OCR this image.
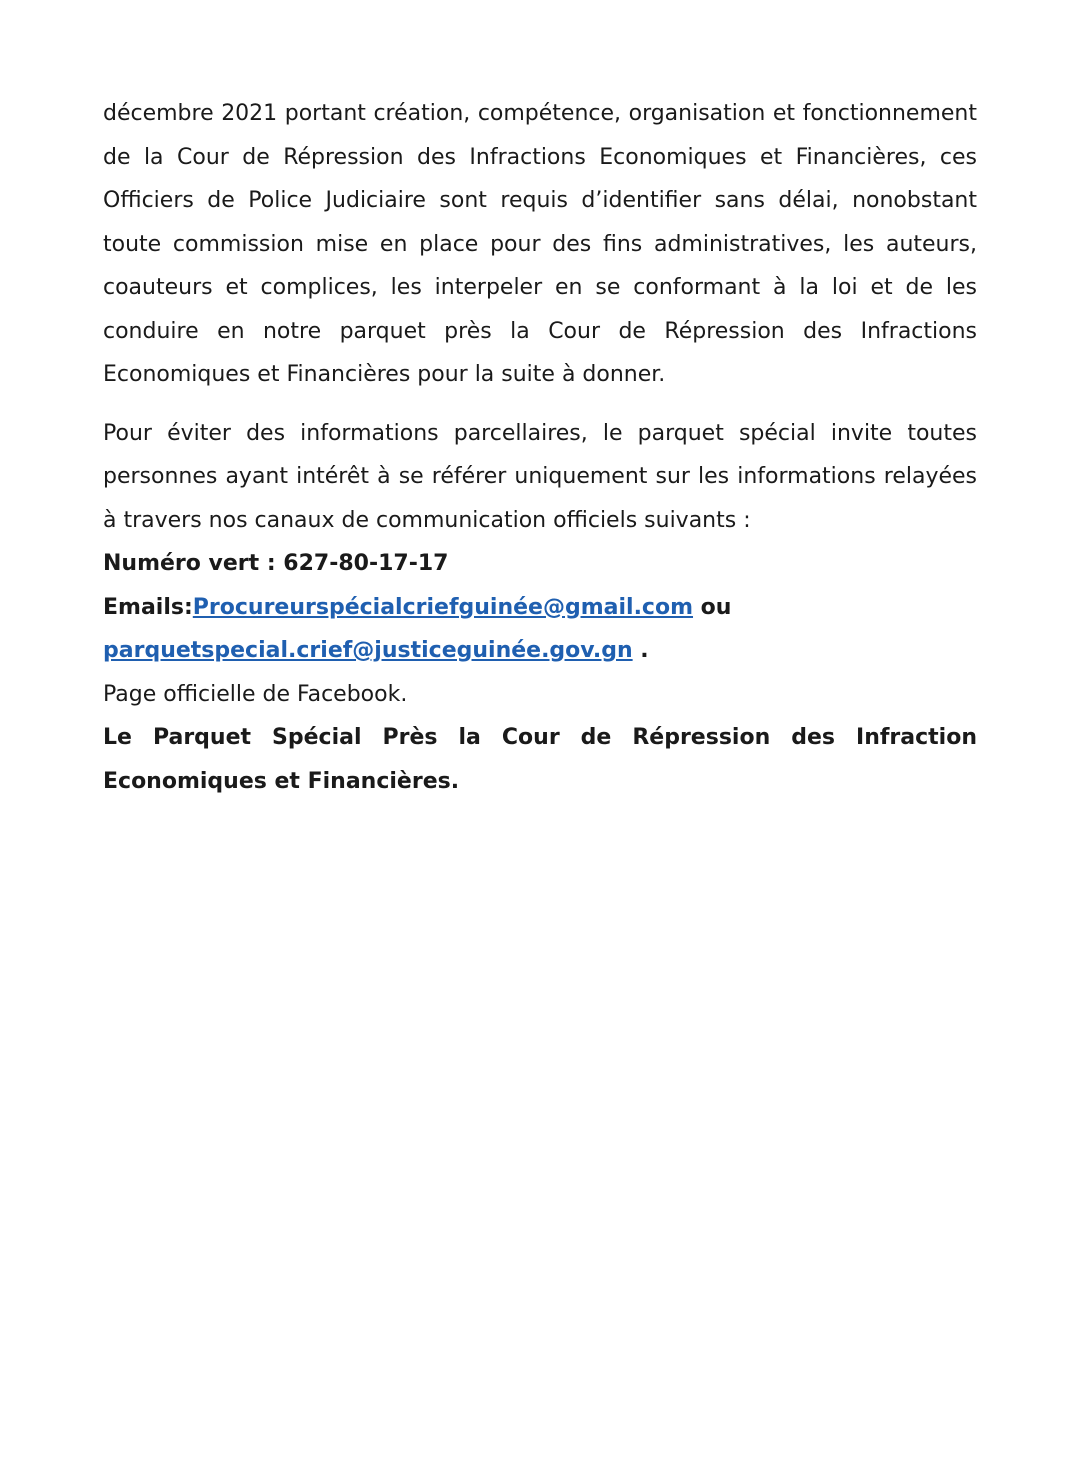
décembre 2021 portant création, compétence, organisation et fonctionnement de la Cour de Répression des Infractions Economiques et Financières, ces Officiers de Police Judiciaire sont requis d’identifier sans délai, nonobstant toute commission mise en place pour des fins administratives, les auteurs, coauteurs et complices, les interpeler en se conformant à la loi et de les conduire en notre parquet près la Cour de Répression des Infractions Economiques et Financières pour la suite à donner.

Pour éviter des informations parcellaires, le parquet spécial invite toutes personnes ayant intérêt à se référer uniquement sur les informations relayées à travers nos canaux de communication officiels suivants :

Numéro vert : 627-80-17-17

Emails:Procureurspécialcriefguinée@gmail.com ou

parquetspecial.crief@justiceguinée.gov.gn .

Page officielle de Facebook.

Le Parquet Spécial Près la Cour de Répression des Infraction Economiques et Financières.
